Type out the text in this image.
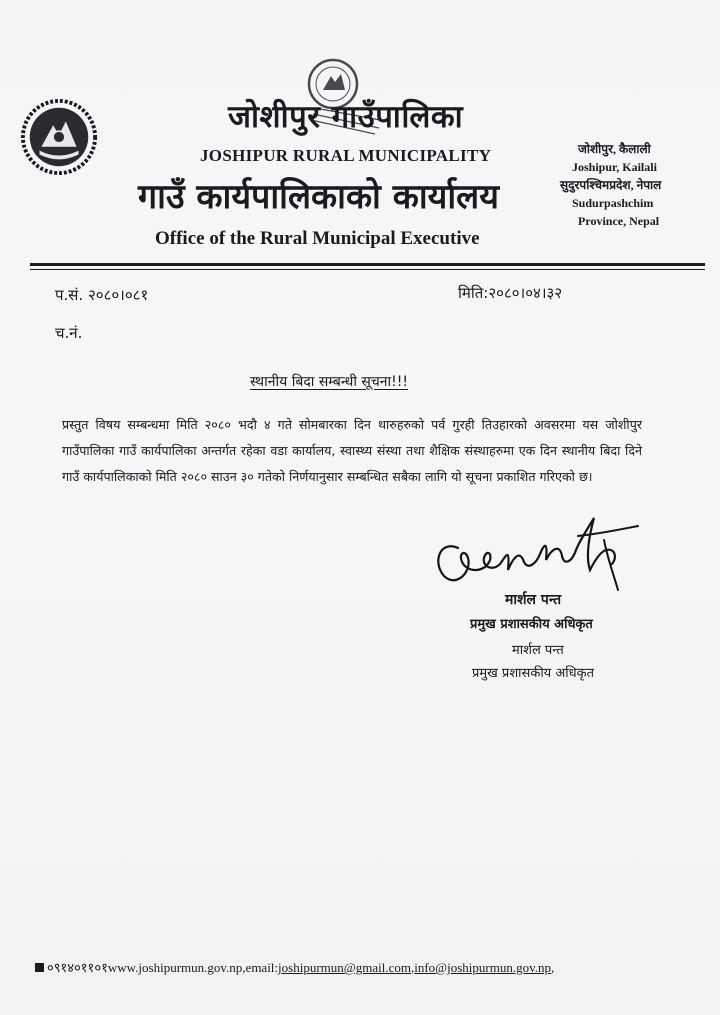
जोशीपुर गाउँपालिका
JOSHIPUR RURAL MUNICIPALITY
गाउँ कार्यपालिकाको कार्यालय
Office of the Rural Municipal Executive
जोशीपुर, कैलाली
Joshipur, Kailali
सुदुरपश्चिमप्रदेश, नेपाल
Sudurpashchim
Province, Nepal
प.सं. २०८०।०८१	मिति:२०८०।०४।३२
च.नं.
स्थानीय बिदा सम्बन्धी सूचना!!!
प्रस्तुत विषय सम्बन्धमा मिति २०८० भदौ ४ गते सोमबारका दिन थारुहरुको पर्व गुरही तिउहारको अवसरमा यस जोशीपुर गाउँपालिका गाउँ कार्यपालिका अन्तर्गत रहेका वडा कार्यालय, स्वास्थ्य संस्था तथा शैक्षिक संस्थाहरुमा एक दिन स्थानीय बिदा दिने गाउँ कार्यपालिकाको मिति २०८० साउन ३० गतेको निर्णयानुसार सम्बन्धित सबैका लागि यो सूचना प्रकाशित गरिएको छ।
मार्शल पन्त
प्रमुख प्रशासकीय अधिकृत
मार्शल पन्त
प्रमुख प्रशासकीय अधिकृत
०९१४०११०१www.joshipurmun.gov.np,email:joshipurmun@gmail.com,info@joshipurmun.gov.np,
